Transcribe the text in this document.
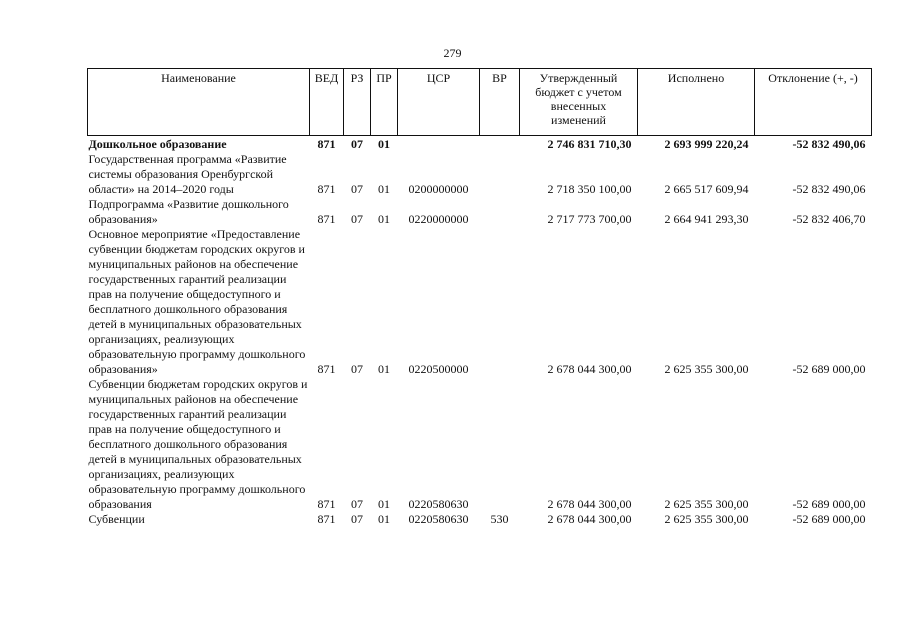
279
Наименование	ВЕД	РЗ	ПР	ЦСР	ВР	Утвержденный бюджет с учетом внесенных изменений	Исполнено	Отклонение (+, -)
Дошкольное образование	871	07	01			2 746 831 710,30	2 693 999 220,24	-52 832 490,06
Государственная программа «Развитие системы образования Оренбургской области» на 2014–2020 годы	871	07	01	0200000000		2 718 350 100,00	2 665 517 609,94	-52 832 490,06
Подпрограмма «Развитие дошкольного образования»	871	07	01	0220000000		2 717 773 700,00	2 664 941 293,30	-52 832 406,70
Основное мероприятие «Предоставление субвенции бюджетам городских округов и муниципальных районов на обеспечение государственных гарантий реализации прав на получение общедоступного и бесплатного дошкольного образования детей в муниципальных образовательных организациях, реализующих образовательную программу дошкольного образования»	871	07	01	0220500000		2 678 044 300,00	2 625 355 300,00	-52 689 000,00
Субвенции бюджетам городских округов и муниципальных районов на обеспечение государственных гарантий реализации прав на получение общедоступного и бесплатного дошкольного образования детей в муниципальных образовательных организациях, реализующих образовательную программу дошкольного образования	871	07	01	0220580630		2 678 044 300,00	2 625 355 300,00	-52 689 000,00
Субвенции	871	07	01	0220580630	530	2 678 044 300,00	2 625 355 300,00	-52 689 000,00
